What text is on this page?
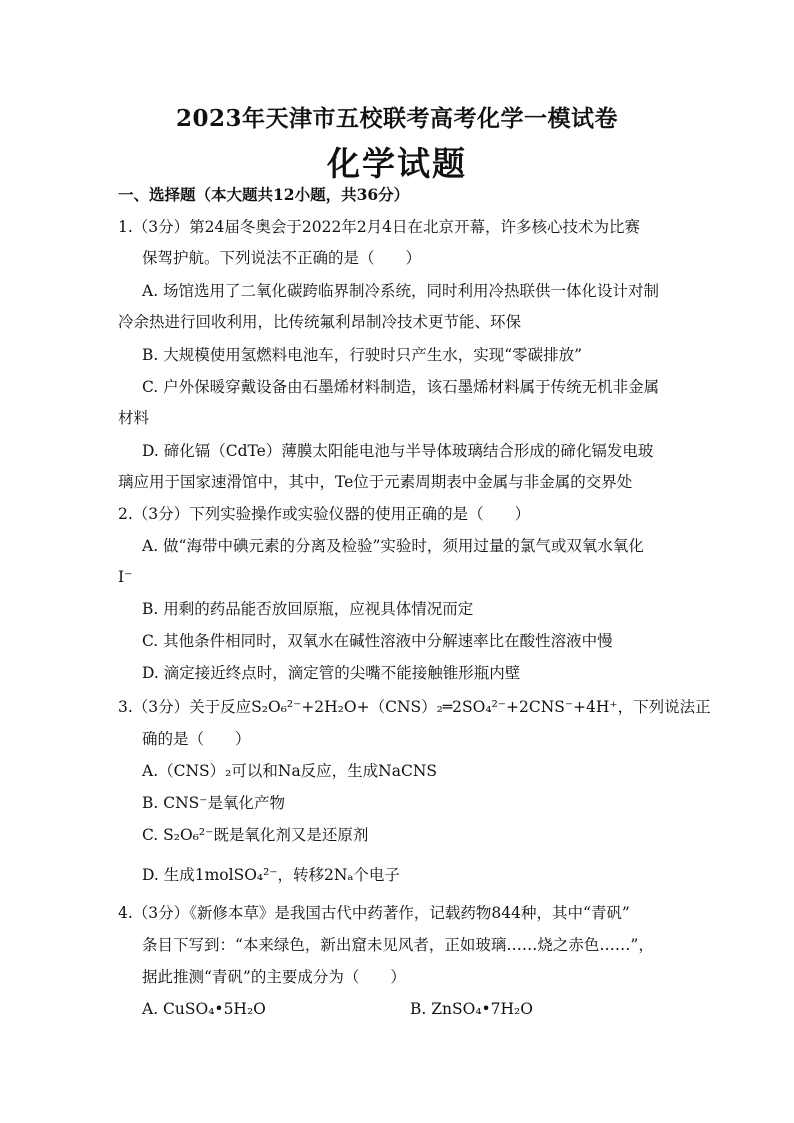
2023年天津市五校联考高考化学一模试卷
化学试题
一、选择题（本大题共12小题，共36分）
1.（3分）第24届冬奥会于2022年2月4日在北京开幕，许多核心技术为比赛
保驾护航。下列说法不正确的是（　　）
A. 场馆选用了二氧化碳跨临界制冷系统，同时利用冷热联供一体化设计对制
冷余热进行回收利用，比传统氟利昂制冷技术更节能、环保
B. 大规模使用氢燃料电池车，行驶时只产生水，实现“零碳排放”
C. 户外保暖穿戴设备由石墨烯材料制造，该石墨烯材料属于传统无机非金属
材料
D. 碲化镉（CdTe）薄膜太阳能电池与半导体玻璃结合形成的碲化镉发电玻
璃应用于国家速滑馆中，其中，Te位于元素周期表中金属与非金属的交界处
2.（3分）下列实验操作或实验仪器的使用正确的是（　　）
A. 做“海带中碘元素的分离及检验”实验时，须用过量的氯气或双氧水氧化
I⁻
B. 用剩的药品能否放回原瓶，应视具体情况而定
C. 其他条件相同时，双氧水在碱性溶液中分解速率比在酸性溶液中慢
D. 滴定接近终点时，滴定管的尖嘴不能接触锥形瓶内壁
3.（3分）关于反应S₂O₆²⁻+2H₂O+（CNS）₂═2SO₄²⁻+2CNS⁻+4H⁺，下列说法正
确的是（　　）
A.（CNS）₂可以和Na反应，生成NaCNS
B. CNS⁻是氧化产物
C. S₂O₆²⁻既是氧化剂又是还原剂
D. 生成1molSO₄²⁻，转移2Nₐ个电子
4.（3分）《新修本草》是我国古代中药著作，记载药物844种，其中“青矾”
条目下写到：“本来绿色，新出窟未见风者，正如玻璃……烧之赤色……”，
据此推测“青矾”的主要成分为（　　）
A. CuSO₄•5H₂O	B. ZnSO₄•7H₂O
